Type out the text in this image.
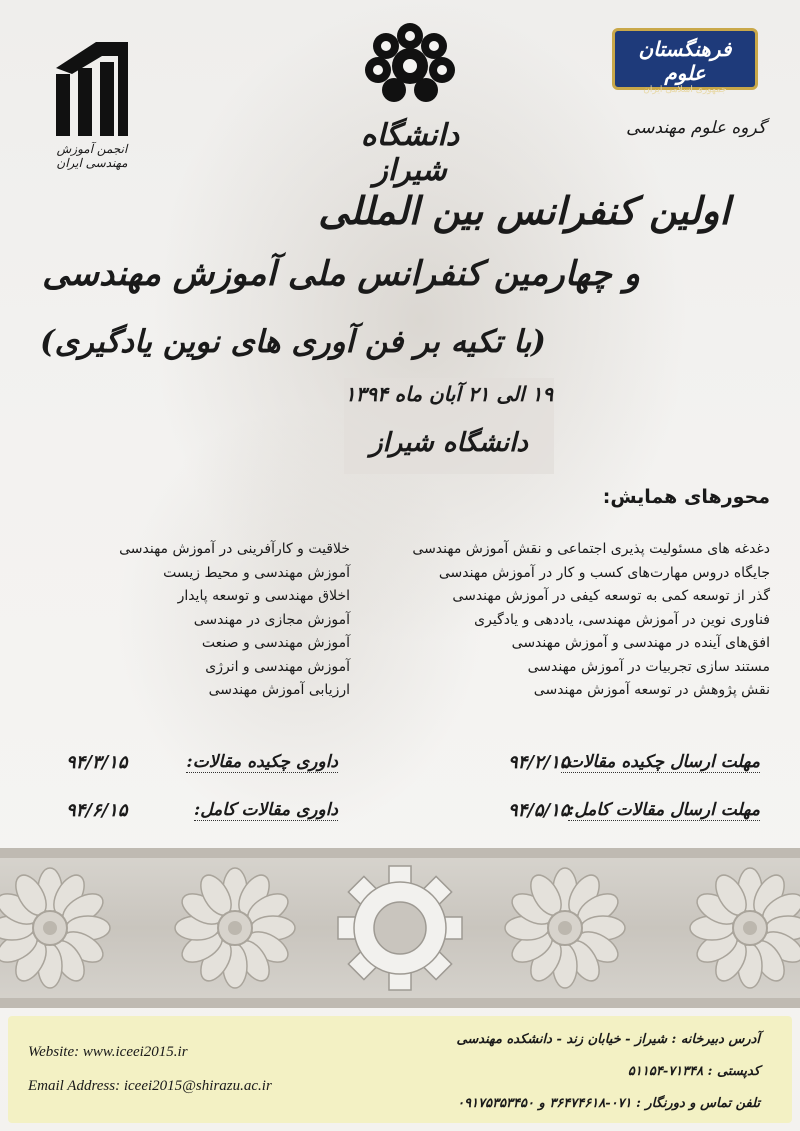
انجمن آموزش مهندسی ایران
دانشگاه شیراز
فرهنگستان علوم
جمهوری اسلامی ایران
گروه علوم مهندسی
اولین کنفرانس بین المللی
و چهارمین کنفرانس ملی آموزش مهندسی
(با تکیه بر فن آوری های نوین یادگیری)
۱۹ الی ۲۱ آبان ماه ۱۳۹۴
دانشگاه شیراز
محورهای همایش:
دغدغه های مسئولیت پذیری اجتماعی و نقش آموزش مهندسی
جایگاه دروس مهارت‌های کسب و کار در آموزش مهندسی
گذر از توسعه کمی به توسعه کیفی در آموزش مهندسی
فناوری نوین در آموزش مهندسی، یاددهی و یادگیری
افق‌های آینده در مهندسی و آموزش مهندسی
مستند سازی تجربیات در آموزش مهندسی
نقش پژوهش در توسعه آموزش مهندسی
خلاقیت و کارآفرینی در آموزش مهندسی
آموزش مهندسی و محیط زیست
اخلاق مهندسی و توسعه پایدار
آموزش مجازی در مهندسی
آموزش مهندسی و صنعت
آموزش مهندسی و انرژی
ارزیابی آموزش مهندسی
مهلت ارسال چکیده مقالات:
۹۴/۲/۱۵
داوری چکیده مقالات:
۹۴/۳/۱۵
مهلت ارسال مقالات کامل:
۹۴/۵/۱۵
داوری مقالات کامل:
۹۴/۶/۱۵
Website: www.iceei2015.ir
Email Address: iceei2015@shirazu.ac.ir
آدرس دبیرخانه : شیراز - خیابان زند - دانشکده مهندسی
کدپستی : ۷۱۳۴۸-۵۱۱۵۴
تلفن تماس و دورنگار : ۰۷۱-۳۶۴۷۴۶۱۸ و ۰۹۱۷۵۳۵۳۴۵۰
